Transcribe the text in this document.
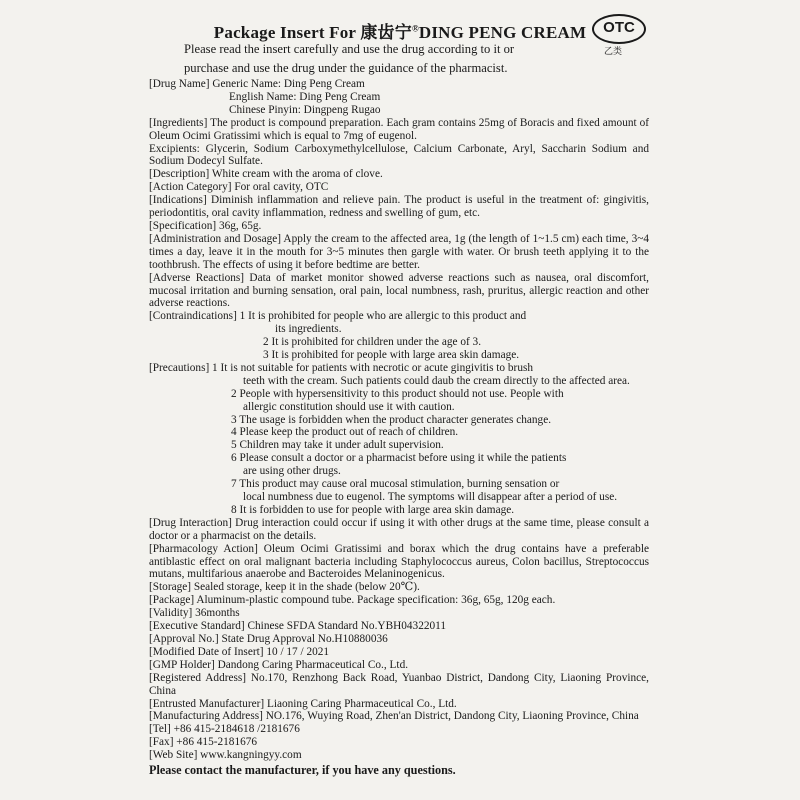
Package Insert For 康齿宁®DING PENG CREAM	OTC
乙类
Please read the insert carefully and use the drug according to it or
purchase and use the drug under the guidance of the pharmacist.
[Drug Name] Generic Name: Ding Peng Cream
English Name: Ding Peng Cream
Chinese Pinyin: Dingpeng Rugao
[Ingredients] The product is compound preparation. Each gram contains 25mg of Boracis and fixed amount of Oleum Ocimi Gratissimi which is equal to 7mg of eugenol.
Excipients: Glycerin, Sodium Carboxymethylcellulose, Calcium Carbonate, Aryl, Saccharin Sodium and Sodium Dodecyl Sulfate.
[Description] White cream with the aroma of clove.
[Action Category] For oral cavity, OTC
[Indications] Diminish inflammation and relieve pain. The product is useful in the treatment of: gingivitis, periodontitis, oral cavity inflammation, redness and swelling of gum, etc.
[Specification] 36g, 65g.
[Administration and Dosage] Apply the cream to the affected area, 1g (the length of 1~1.5 cm) each time, 3~4 times a day, leave it in the mouth for 3~5 minutes then gargle with water. Or brush teeth applying it to the toothbrush. The effects of using it before bedtime are better.
[Adverse Reactions] Data of market monitor showed adverse reactions such as nausea, oral discomfort, mucosal irritation and burning sensation, oral pain, local numbness, rash, pruritus, allergic reaction and other adverse reactions.
[Contraindications] 1 It is prohibited for people who are allergic to this product and
its ingredients.
2 It is prohibited for children under the age of 3.
3 It is prohibited for people with large area skin damage.
[Precautions] 1 It is not suitable for patients with necrotic or acute gingivitis to brush
teeth with the cream. Such patients could daub the cream directly to the affected area.
2 People with hypersensitivity to this product should not use. People with
allergic constitution should use it with caution.
3 The usage is forbidden when the product character generates change.
4 Please keep the product out of reach of children.
5 Children may take it under adult supervision.
6 Please consult a doctor or a pharmacist before using it while the patients
are using other drugs.
7 This product may cause oral mucosal stimulation, burning sensation or
local numbness due to eugenol. The symptoms will disappear after a period of use.
8 It is forbidden to use for people with large area skin damage.
[Drug Interaction] Drug interaction could occur if using it with other drugs at the same time, please consult a doctor or a pharmacist on the details.
[Pharmacology Action] Oleum Ocimi Gratissimi and borax which the drug contains have a preferable antiblastic effect on oral malignant bacteria including Staphylococcus aureus, Colon bacillus, Streptococcus mutans, multifarious anaerobe and Bacteroides Melaninogenicus.
[Storage] Sealed storage, keep it in the shade (below 20℃).
[Package] Aluminum-plastic compound tube. Package specification: 36g, 65g, 120g each.
[Validity] 36months
[Executive Standard] Chinese SFDA Standard No.YBH04322011
[Approval No.] State Drug Approval No.H10880036
[Modified Date of Insert] 10 / 17 / 2021
[GMP Holder] Dandong Caring Pharmaceutical Co., Ltd.
[Registered Address] No.170, Renzhong Back Road, Yuanbao District, Dandong City, Liaoning Province, China
[Entrusted Manufacturer] Liaoning Caring Pharmaceutical Co., Ltd.
[Manufacturing Address] NO.176, Wuying Road, Zhen'an District, Dandong City, Liaoning Province, China
[Tel] +86 415-2184618 /2181676
[Fax] +86 415-2181676
[Web Site] www.kangningyy.com
Please contact the manufacturer, if you have any questions.
